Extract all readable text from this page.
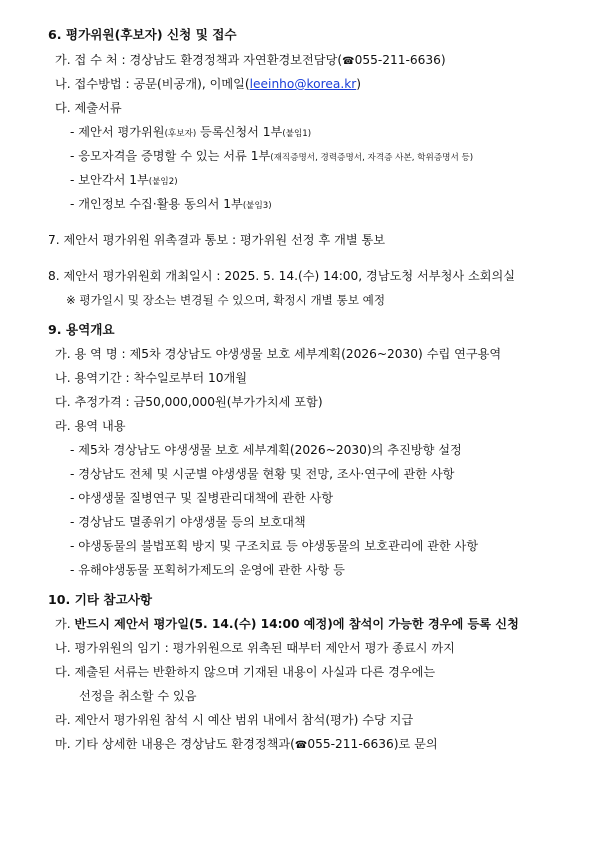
6. 평가위원(후보자) 신청 및 접수
가. 접 수 처 : 경상남도 환경정책과 자연환경보전담당(☎055-211-6636)
나. 접수방법 : 공문(비공개), 이메일(leeinho@korea.kr)
다. 제출서류
- 제안서 평가위원(후보자) 등록신청서 1부(붙임1)
- 응모자격을 증명할 수 있는 서류 1부(재직증명서, 경력증명서, 자격증 사본, 학위증명서 등)
- 보안각서 1부(붙임2)
- 개인정보 수집·활용 동의서 1부(붙임3)
7. 제안서 평가위원 위촉결과 통보 : 평가위원 선정 후 개별 통보
8. 제안서 평가위원회 개최일시 : 2025. 5. 14.(수) 14:00, 경남도청 서부청사 소회의실
※ 평가일시 및 장소는 변경될 수 있으며, 확정시 개별 통보 예정
9. 용역개요
가. 용 역 명 : 제5차 경상남도 야생생물 보호 세부계획(2026~2030) 수립 연구용역
나. 용역기간 : 착수일로부터 10개월
다. 추정가격 : 금50,000,000원(부가가치세 포함)
라. 용역 내용
- 제5차 경상남도 야생생물 보호 세부계획(2026~2030)의 추진방향 설정
- 경상남도 전체 및 시군별 야생생물 현황 및 전망, 조사·연구에 관한 사항
- 야생생물 질병연구 및 질병관리대책에 관한 사항
- 경상남도 멸종위기 야생생물 등의 보호대책
- 야생동물의 불법포획 방지 및 구조치료 등 야생동물의 보호관리에 관한 사항
- 유해야생동물 포획허가제도의 운영에 관한 사항 등
10. 기타 참고사항
가. 반드시 제안서 평가일(5. 14.(수) 14:00 예정)에 참석이 가능한 경우에 등록 신청
나. 평가위원의 임기 : 평가위원으로 위촉된 때부터 제안서 평가 종료시 까지
다. 제출된 서류는 반환하지 않으며 기재된 내용이 사실과 다른 경우에는
선정을 취소할 수 있음
라. 제안서 평가위원 참석 시 예산 범위 내에서 참석(평가) 수당 지급
마. 기타 상세한 내용은 경상남도 환경정책과(☎055-211-6636)로 문의
